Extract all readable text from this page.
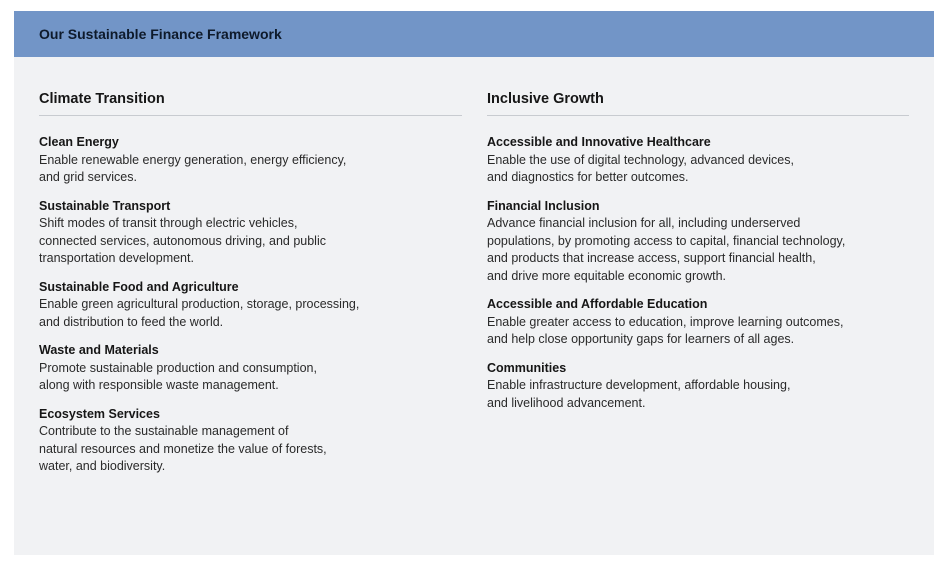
Our Sustainable Finance Framework
Climate Transition
Clean Energy
Enable renewable energy generation, energy efficiency,
and grid services.
Sustainable Transport
Shift modes of transit through electric vehicles,
connected services, autonomous driving, and public
transportation development.
Sustainable Food and Agriculture
Enable green agricultural production, storage, processing,
and distribution to feed the world.
Waste and Materials
Promote sustainable production and consumption,
along with responsible waste management.
Ecosystem Services
Contribute to the sustainable management of
natural resources and monetize the value of forests,
water, and biodiversity.
Inclusive Growth
Accessible and Innovative Healthcare
Enable the use of digital technology, advanced devices,
and diagnostics for better outcomes.
Financial Inclusion
Advance financial inclusion for all, including underserved
populations, by promoting access to capital, financial technology,
and products that increase access, support financial health,
and drive more equitable economic growth.
Accessible and Affordable Education
Enable greater access to education, improve learning outcomes,
and help close opportunity gaps for learners of all ages.
Communities
Enable infrastructure development, affordable housing,
and livelihood advancement.
